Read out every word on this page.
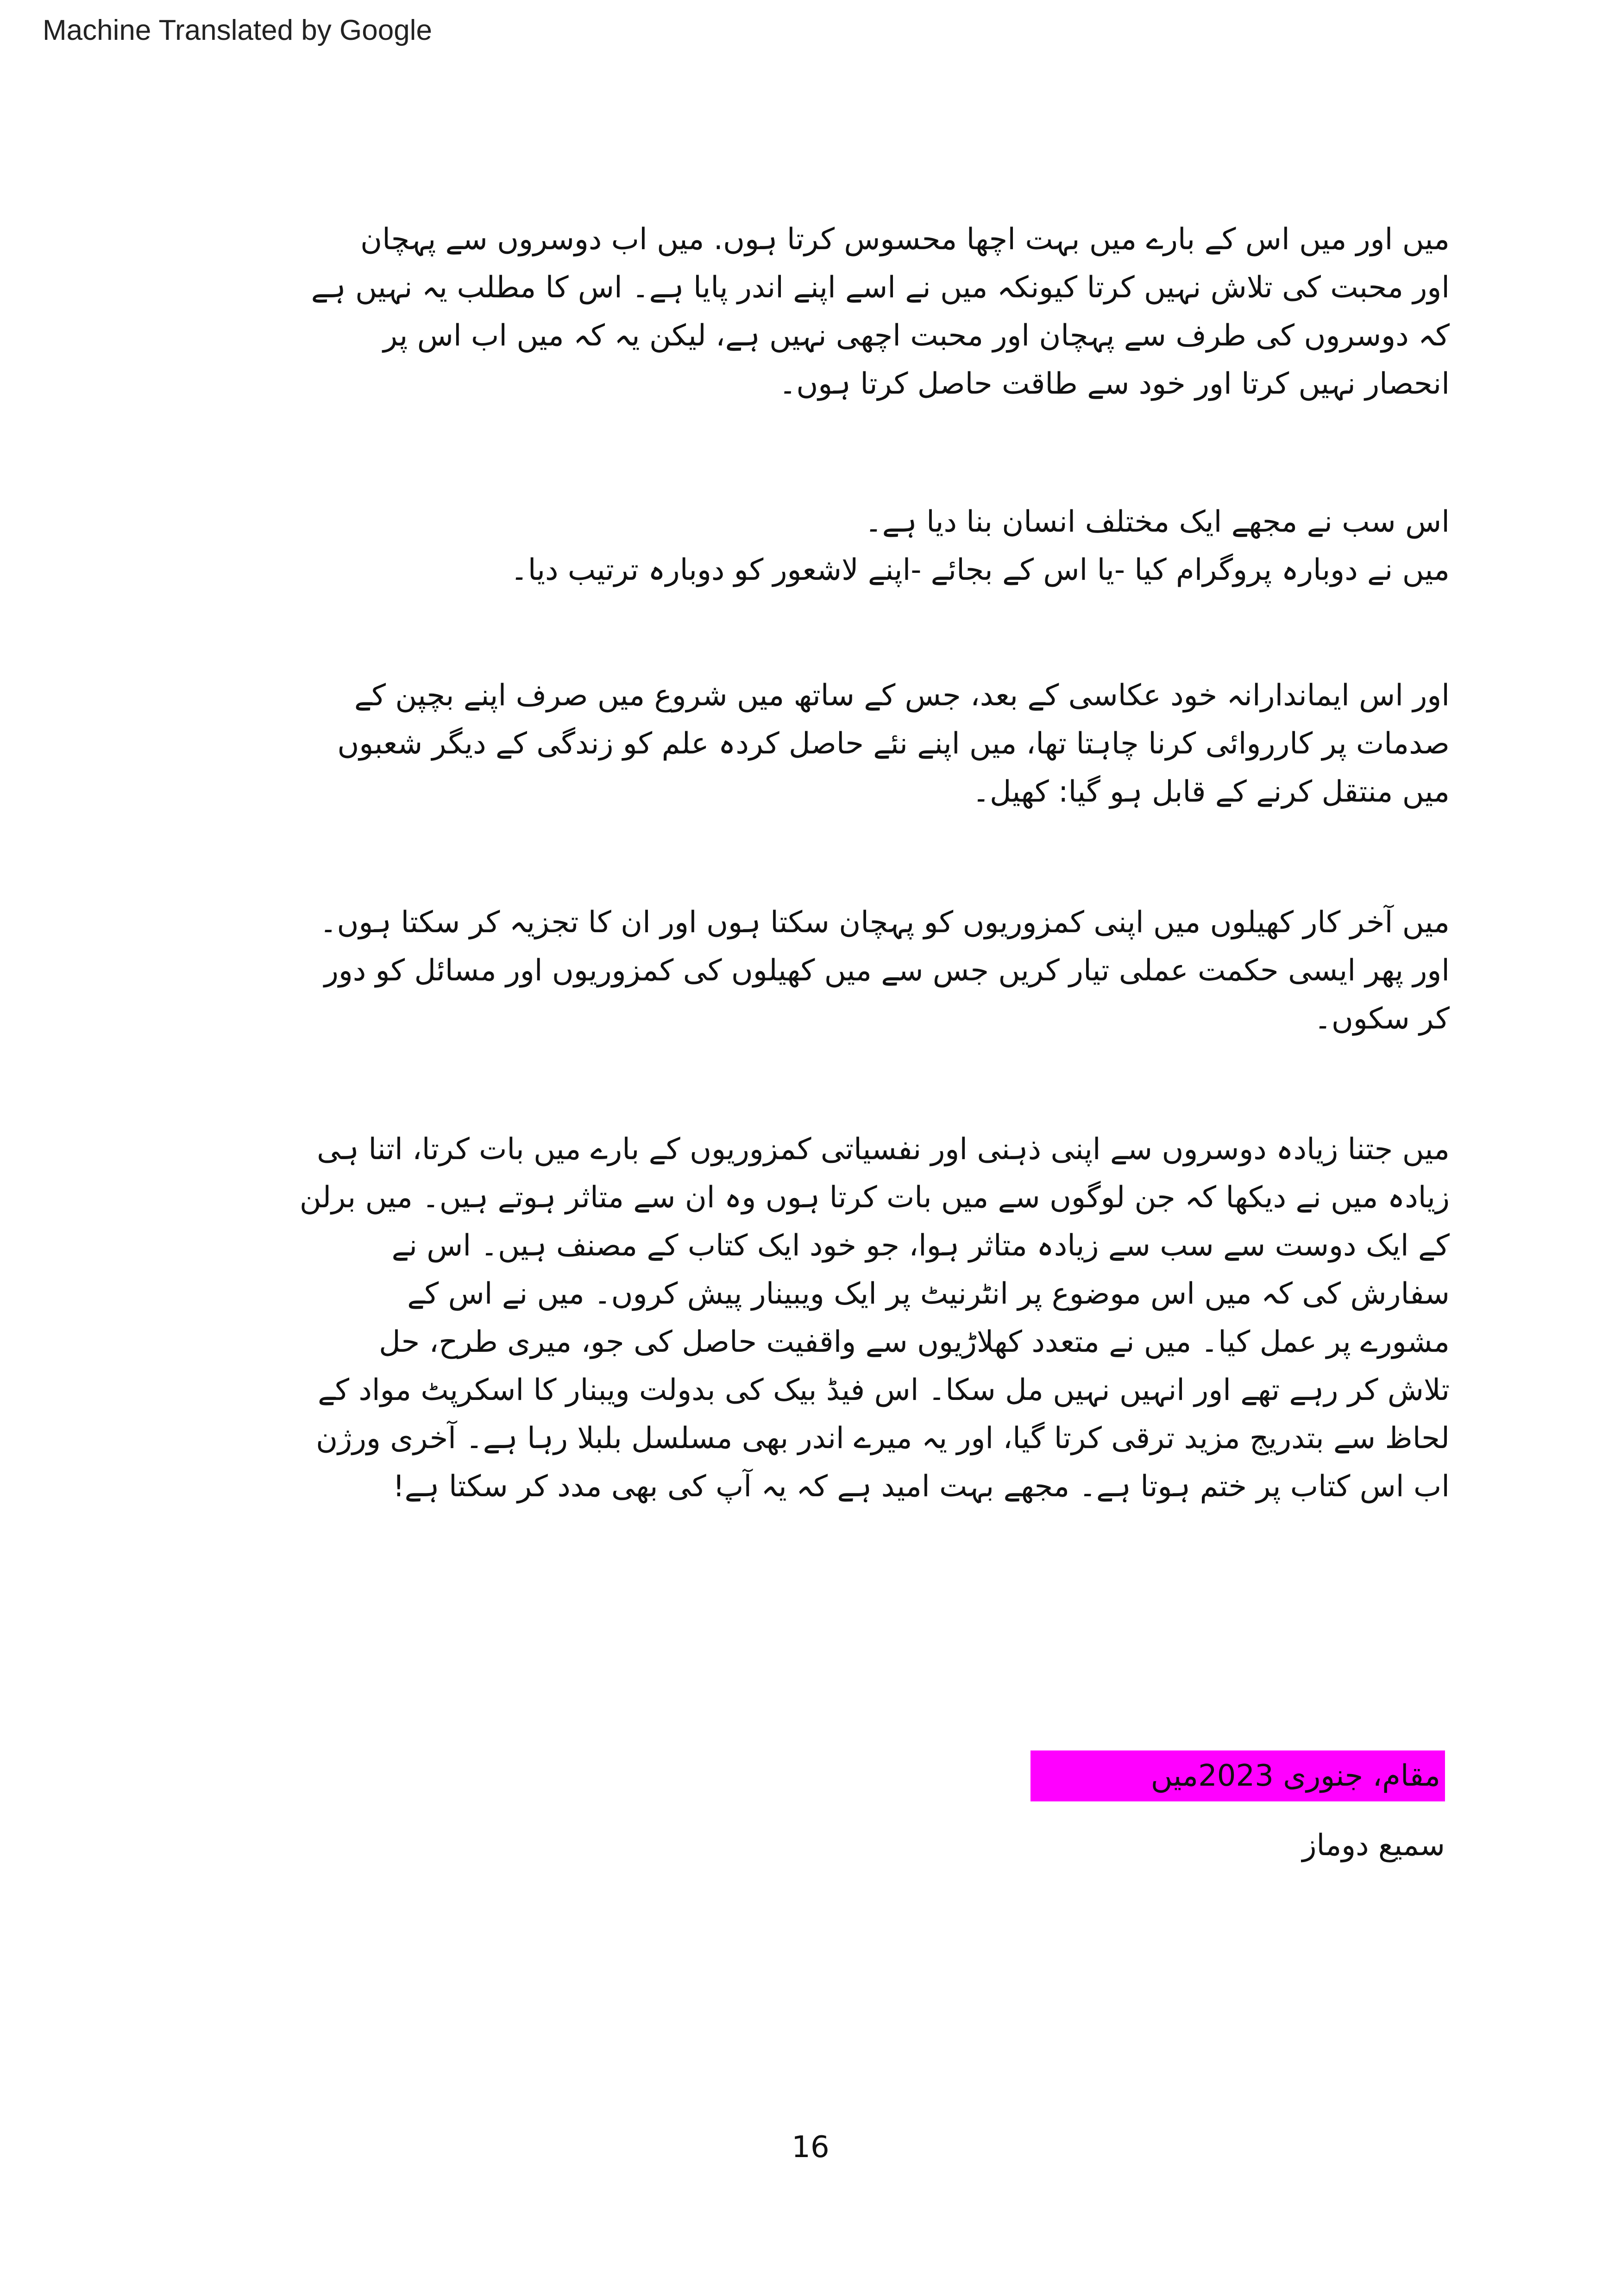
Machine Translated by Google

میں اور میں اس کے بارے میں بہت اچھا محسوس کرتا ہوں. میں اب دوسروں سے پہچان
اور محبت کی تلاش نہیں کرتا کیونکہ میں نے اسے اپنے اندر پایا ہے۔ اس کا مطلب یہ نہیں ہے
کہ دوسروں کی طرف سے پہچان اور محبت اچھی نہیں ہے، لیکن یہ کہ میں اب اس پر
انحصار نہیں کرتا اور خود سے طاقت حاصل کرتا ہوں۔

اس سب نے مجھے ایک مختلف انسان بنا دیا ہے۔
میں نے دوبارہ پروگرام کیا -یا اس کے بجائے -اپنے لاشعور کو دوبارہ ترتیب دیا۔

اور اس ایماندارانہ خود عکاسی کے بعد، جس کے ساتھ میں شروع میں صرف اپنے بچپن کے
صدمات پر کارروائی کرنا چاہتا تھا، میں اپنے نئے حاصل کردہ علم کو زندگی کے دیگر شعبوں
میں منتقل کرنے کے قابل ہو گیا: کھیل۔

میں آخر کار کھیلوں میں اپنی کمزوریوں کو پہچان سکتا ہوں اور ان کا تجزیہ کر سکتا ہوں۔
اور پھر ایسی حکمت عملی تیار کریں جس سے میں کھیلوں کی کمزوریوں اور مسائل کو دور
کر سکوں۔

میں جتنا زیادہ دوسروں سے اپنی ذہنی اور نفسیاتی کمزوریوں کے بارے میں بات کرتا، اتنا ہی
زیادہ میں نے دیکھا کہ جن لوگوں سے میں بات کرتا ہوں وہ ان سے متاثر ہوتے ہیں۔ میں برلن
کے ایک دوست سے سب سے زیادہ متاثر ہوا، جو خود ایک کتاب کے مصنف ہیں۔ اس نے
سفارش کی کہ میں اس موضوع پر انٹرنیٹ پر ایک ویبینار پیش کروں۔ میں نے اس کے
مشورے پر عمل کیا۔ میں نے متعدد کھلاڑیوں سے واقفیت حاصل کی جو، میری طرح، حل
تلاش کر رہے تھے اور انہیں نہیں مل سکا۔ اس فیڈ بیک کی بدولت ویبنار کا اسکرپٹ مواد کے
لحاظ سے بتدریج مزید ترقی کرتا گیا، اور یہ میرے اندر بھی مسلسل بلبلا رہا ہے۔ آخری ورژن
اب اس کتاب پر ختم ہوتا ہے۔ مجھے بہت امید ہے کہ یہ آپ کی بھی مدد کر سکتا ہے!

مقام، جنوری 2023میں
سمیع دوماز
16
